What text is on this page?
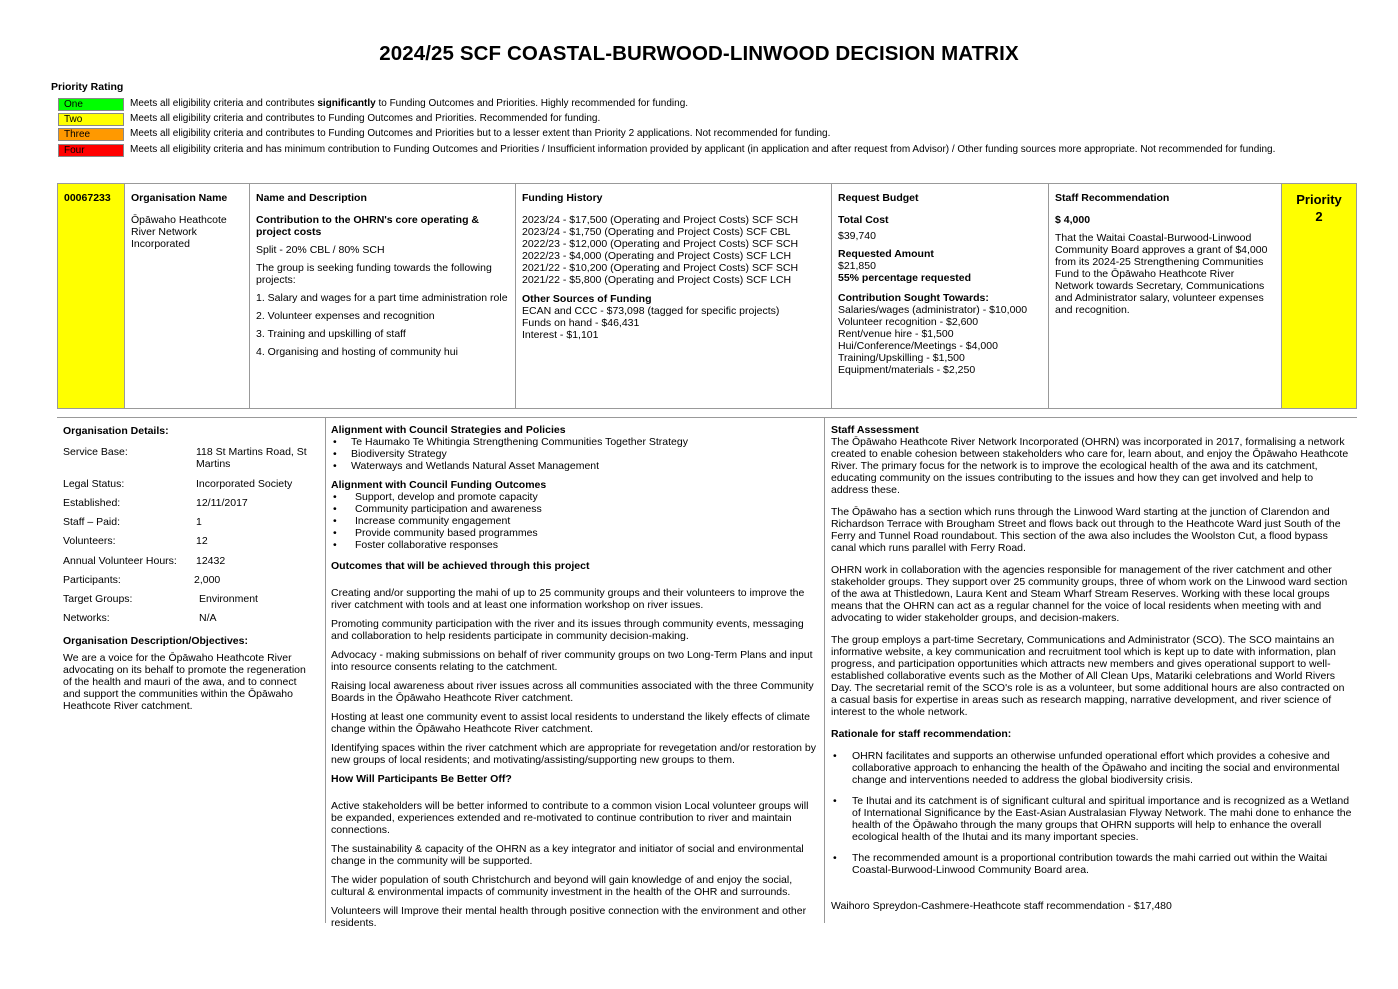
2024/25 SCF COASTAL-BURWOOD-LINWOOD DECISION MATRIX
Priority Rating
One	Meets all eligibility criteria and contributes significantly to Funding Outcomes and Priorities. Highly recommended for funding.
Two	Meets all eligibility criteria and contributes to Funding Outcomes and Priorities. Recommended for funding.
Three	Meets all eligibility criteria and contributes to Funding Outcomes and Priorities but to a lesser extent than Priority 2 applications. Not recommended for funding.
Four	Meets all eligibility criteria and has minimum contribution to Funding Outcomes and Priorities / Insufficient information provided by applicant (in application and after request from Advisor) / Other funding sources more appropriate. Not recommended for funding.
00067233	Organisation Name
Ōpāwaho Heathcote River Network Incorporated
Name and Description
Contribution to the OHRN's core operating & project costs
Split - 20% CBL / 80% SCH
The group is seeking funding towards the following projects:
1. Salary and wages for a part time administration role
2. Volunteer expenses and recognition
3. Training and upskilling of staff
4. Organising and hosting of community hui
Funding History
2023/24 - $17,500 (Operating and Project Costs) SCF SCH
2023/24 - $1,750 (Operating and Project Costs) SCF CBL
2022/23 - $12,000 (Operating and Project Costs) SCF SCH
2022/23 - $4,000 (Operating and Project Costs) SCF LCH
2021/22 - $10,200 (Operating and Project Costs) SCF SCH
2021/22 - $5,800 (Operating and Project Costs) SCF LCH
Other Sources of Funding
ECAN and CCC - $73,098 (tagged for specific projects)
Funds on hand - $46,431
Interest - $1,101
Request Budget
Total Cost
$39,740
Requested Amount
$21,850
55% percentage requested
Contribution Sought Towards:
Salaries/wages (administrator) - $10,000
Volunteer recognition - $2,600
Rent/venue hire - $1,500
Hui/Conference/Meetings - $4,000
Training/Upskilling - $1,500
Equipment/materials - $2,250
Staff Recommendation
$ 4,000
That the Waitai Coastal-Burwood-Linwood Community Board approves a grant of $4,000 from its 2024-25 Strengthening Communities Fund to the Ōpāwaho Heathcote River Network towards Secretary, Communications and Administrator salary, volunteer expenses and recognition.
Priority
2
Organisation Details:
Service Base:	118 St Martins Road, St Martins
Legal Status:	Incorporated Society
Established:	12/11/2017
Staff – Paid:	1
Volunteers:	12
Annual Volunteer Hours:	12432
Participants:	2,000
Target Groups:	Environment
Networks:	N/A
Organisation Description/Objectives:
We are a voice for the Ōpāwaho Heathcote River advocating on its behalf to promote the regeneration of the health and mauri of the awa, and to connect and support the communities within the Ōpāwaho Heathcote River catchment.
Alignment with Council Strategies and Policies
• Te Haumako Te Whitingia Strengthening Communities Together Strategy
• Biodiversity Strategy
• Waterways and Wetlands Natural Asset Management
Alignment with Council Funding Outcomes
• Support, develop and promote capacity
• Community participation and awareness
• Increase community engagement
• Provide community based programmes
• Foster collaborative responses
Outcomes that will be achieved through this project
Creating and/or supporting the mahi of up to 25 community groups and their volunteers to improve the river catchment with tools and at least one information workshop on river issues.
Promoting community participation with the river and its issues through community events, messaging and collaboration to help residents participate in community decision-making.
Advocacy - making submissions on behalf of river community groups on two Long-Term Plans and input into resource consents relating to the catchment.
Raising local awareness about river issues across all communities associated with the three Community Boards in the Ōpāwaho Heathcote River catchment.
Hosting at least one community event to assist local residents to understand the likely effects of climate change within the Ōpāwaho Heathcote River catchment.
Identifying spaces within the river catchment which are appropriate for revegetation and/or restoration by new groups of local residents; and motivating/assisting/supporting new groups to them.
How Will Participants Be Better Off?
Active stakeholders will be better informed to contribute to a common vision Local volunteer groups will be expanded, experiences extended and re-motivated to continue contribution to river and maintain connections.
The sustainability & capacity of the OHRN as a key integrator and initiator of social and environmental change in the community will be supported.
The wider population of south Christchurch and beyond will gain knowledge of and enjoy the social, cultural & environmental impacts of community investment in the health of the OHR and surrounds.
Volunteers will Improve their mental health through positive connection with the environment and other residents.
Staff Assessment
The Ōpāwaho Heathcote River Network Incorporated (OHRN) was incorporated in 2017, formalising a network created to enable cohesion between stakeholders who care for, learn about, and enjoy the Ōpāwaho Heathcote River. The primary focus for the network is to improve the ecological health of the awa and its catchment, educating community on the issues contributing to the issues and how they can get involved and help to address these.
The Ōpāwaho has a section which runs through the Linwood Ward starting at the junction of Clarendon and Richardson Terrace with Brougham Street and flows back out through to the Heathcote Ward just South of the Ferry and Tunnel Road roundabout. This section of the awa also includes the Woolston Cut, a flood bypass canal which runs parallel with Ferry Road.
OHRN work in collaboration with the agencies responsible for management of the river catchment and other stakeholder groups. They support over 25 community groups, three of whom work on the Linwood ward section of the awa at Thistledown, Laura Kent and Steam Wharf Stream Reserves. Working with these local groups means that the OHRN can act as a regular channel for the voice of local residents when meeting with and advocating to wider stakeholder groups, and decision-makers.
The group employs a part-time Secretary, Communications and Administrator (SCO). The SCO maintains an informative website, a key communication and recruitment tool which is kept up to date with information, plan progress, and participation opportunities which attracts new members and gives operational support to well-established collaborative events such as the Mother of All Clean Ups, Matariki celebrations and World Rivers Day. The secretarial remit of the SCO's role is as a volunteer, but some additional hours are also contracted on a casual basis for expertise in areas such as research mapping, narrative development, and river science of interest to the whole network.
Rationale for staff recommendation:
• OHRN facilitates and supports an otherwise unfunded operational effort which provides a cohesive and collaborative approach to enhancing the health of the Ōpāwaho and inciting the social and environmental change and interventions needed to address the global biodiversity crisis.
• Te Ihutai and its catchment is of significant cultural and spiritual importance and is recognized as a Wetland of International Significance by the East-Asian Australasian Flyway Network. The mahi done to enhance the health of the Ōpāwaho through the many groups that OHRN supports will help to enhance the overall ecological health of the Ihutai and its many important species.
• The recommended amount is a proportional contribution towards the mahi carried out within the Waitai Coastal-Burwood-Linwood Community Board area.
Waihoro Spreydon-Cashmere-Heathcote staff recommendation - $17,480
